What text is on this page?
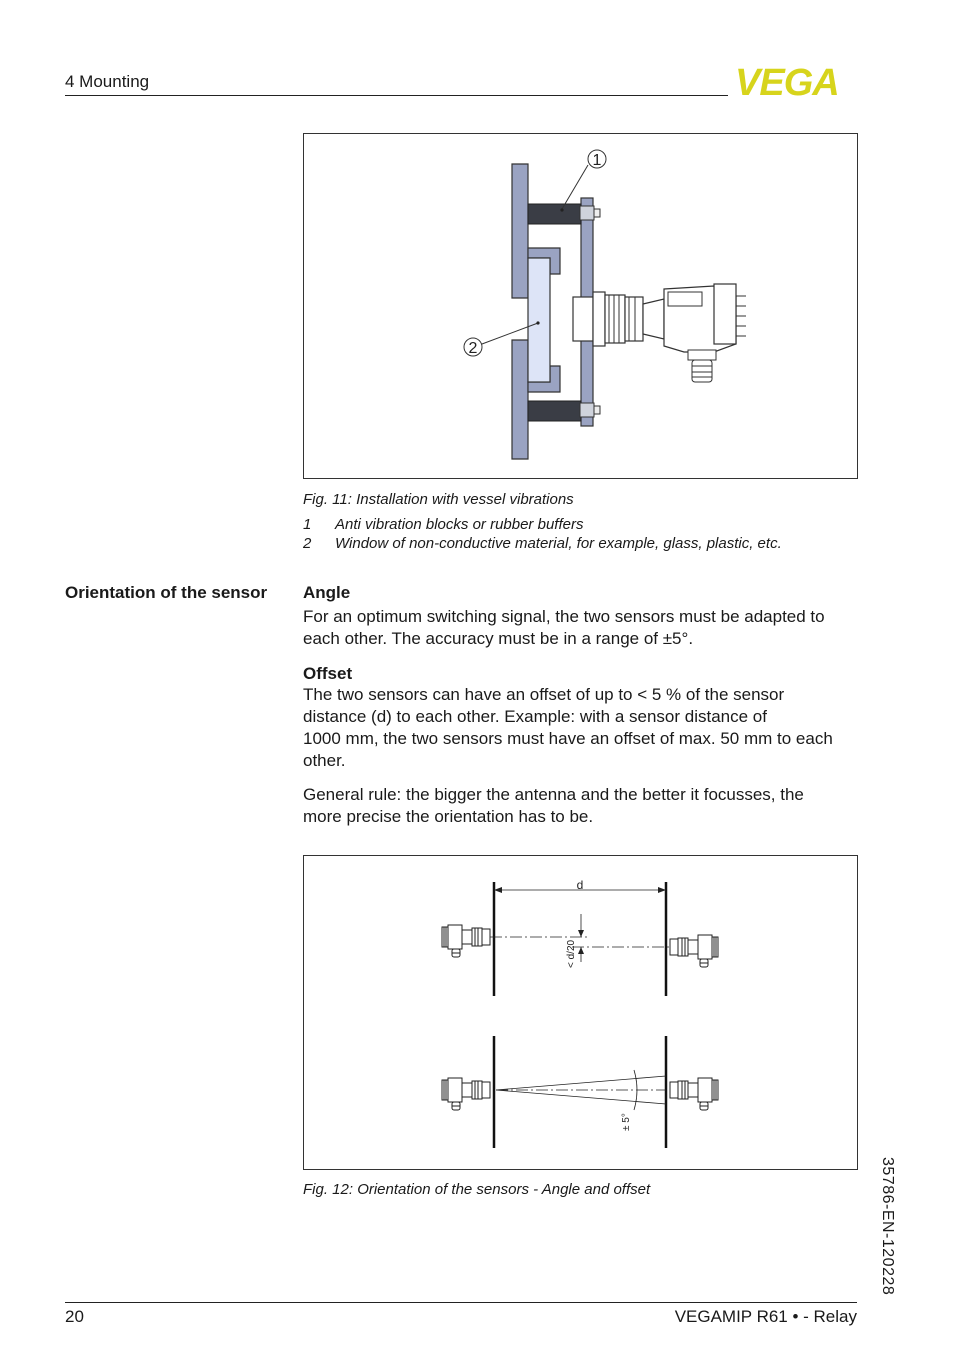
4 Mounting	VEGA
1
2
Fig. 11: Installation with vessel vibrations
1 Anti vibration blocks or rubber buffers
2 Window of non-conductive material, for example, glass, plastic, etc.
Orientation of the sensor Angle
For an optimum switching signal, the two sensors must be adapted to
each other. The accuracy must be in a range of ±5°.
Offset
The two sensors can have an offset of up to < 5 % of the sensor
distance (d) to each other. Example: with a sensor distance of
1000 mm, the two sensors must have an offset of max. 50 mm to each
other.
General rule: the bigger the antenna and the better it focusses, the
more precise the orientation has to be.
d
< d/20
± 5°
Fig. 12: Orientation of the sensors - Angle and offset	35786-EN-120228
20	VEGAMIP R61 • - Relay
